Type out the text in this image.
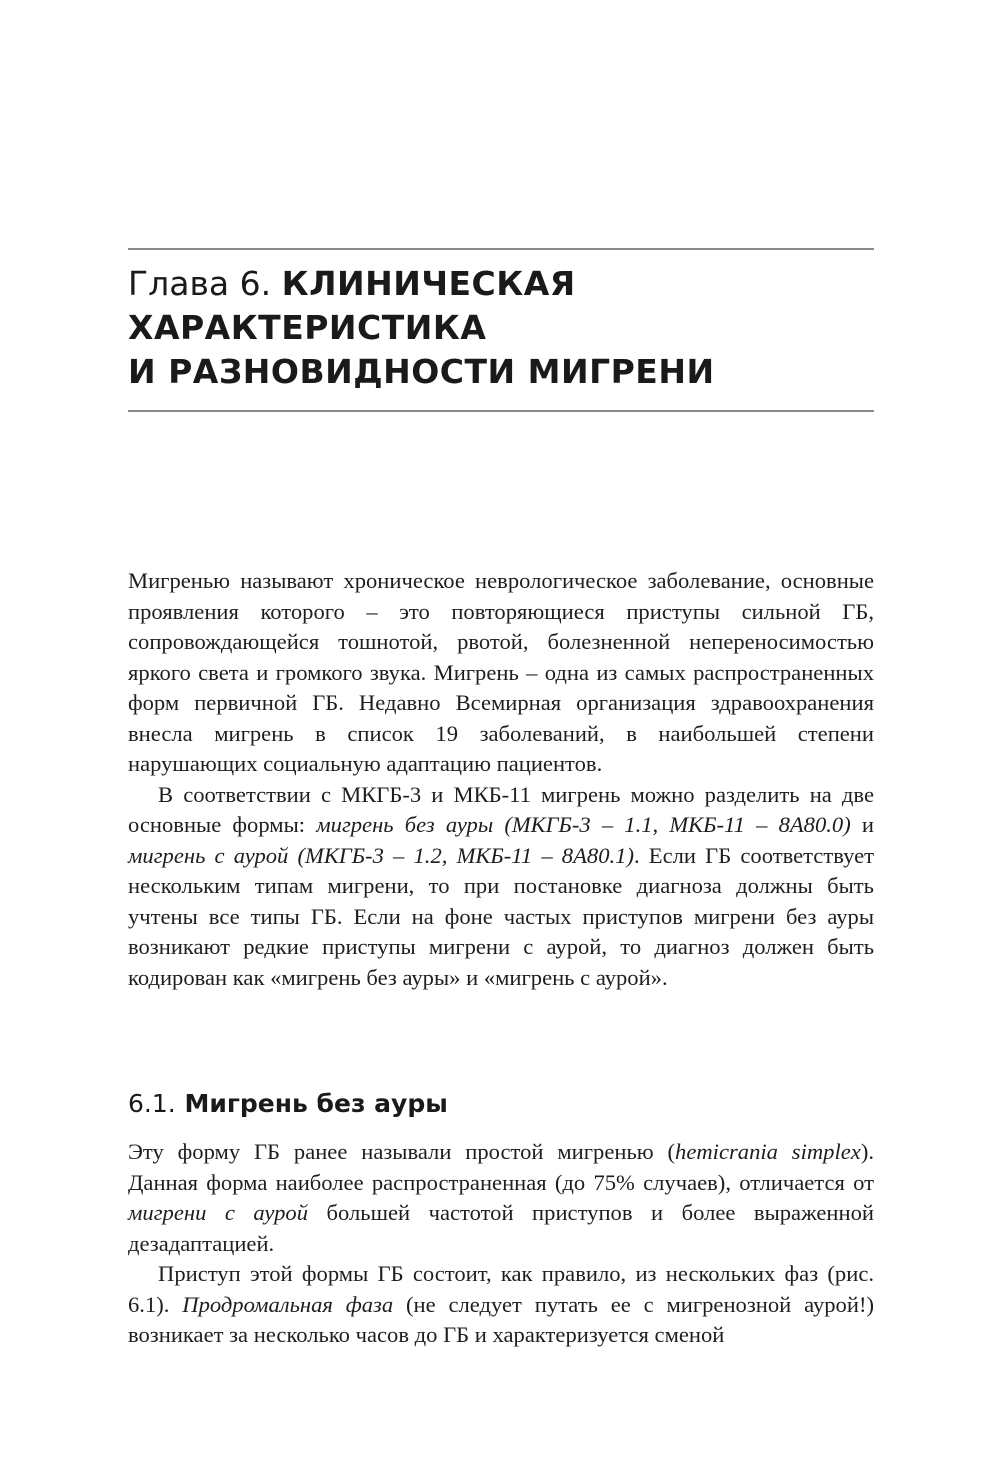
Глава 6. КЛИНИЧЕСКАЯ
ХАРАКТЕРИСТИКА
И РАЗНОВИДНОСТИ МИГРЕНИ

Мигренью называют хроническое неврологическое заболевание, основные проявления которого – это повторяющиеся приступы сильной ГБ, сопровождающейся тошнотой, рвотой, болезненной непереносимостью яркого света и громкого звука. Мигрень – одна из самых распространенных форм первичной ГБ. Недавно Всемирная организация здравоохранения внесла мигрень в список 19 заболеваний, в наибольшей степени нарушающих социальную адаптацию пациентов.

В соответствии с МКГБ-3 и МКБ-11 мигрень можно разделить на две основные формы: мигрень без ауры (МКГБ-3 – 1.1, МКБ-11 – 8A80.0) и мигрень с аурой (МКГБ-3 – 1.2, МКБ-11 – 8A80.1). Если ГБ соответствует нескольким типам мигрени, то при постановке диагноза должны быть учтены все типы ГБ. Если на фоне частых приступов мигрени без ауры возникают редкие приступы мигрени с аурой, то диагноз должен быть кодирован как «мигрень без ауры» и «мигрень с аурой».

6.1. Мигрень без ауры

Эту форму ГБ ранее называли простой мигренью (hemicrania simplex). Данная форма наиболее распространенная (до 75% случаев), отличается от мигрени с аурой большей частотой приступов и более выраженной дезадаптацией.

Приступ этой формы ГБ состоит, как правило, из нескольких фаз (рис. 6.1). Продромальная фаза (не следует путать ее с мигренозной аурой!) возникает за несколько часов до ГБ и характеризуется сменой
